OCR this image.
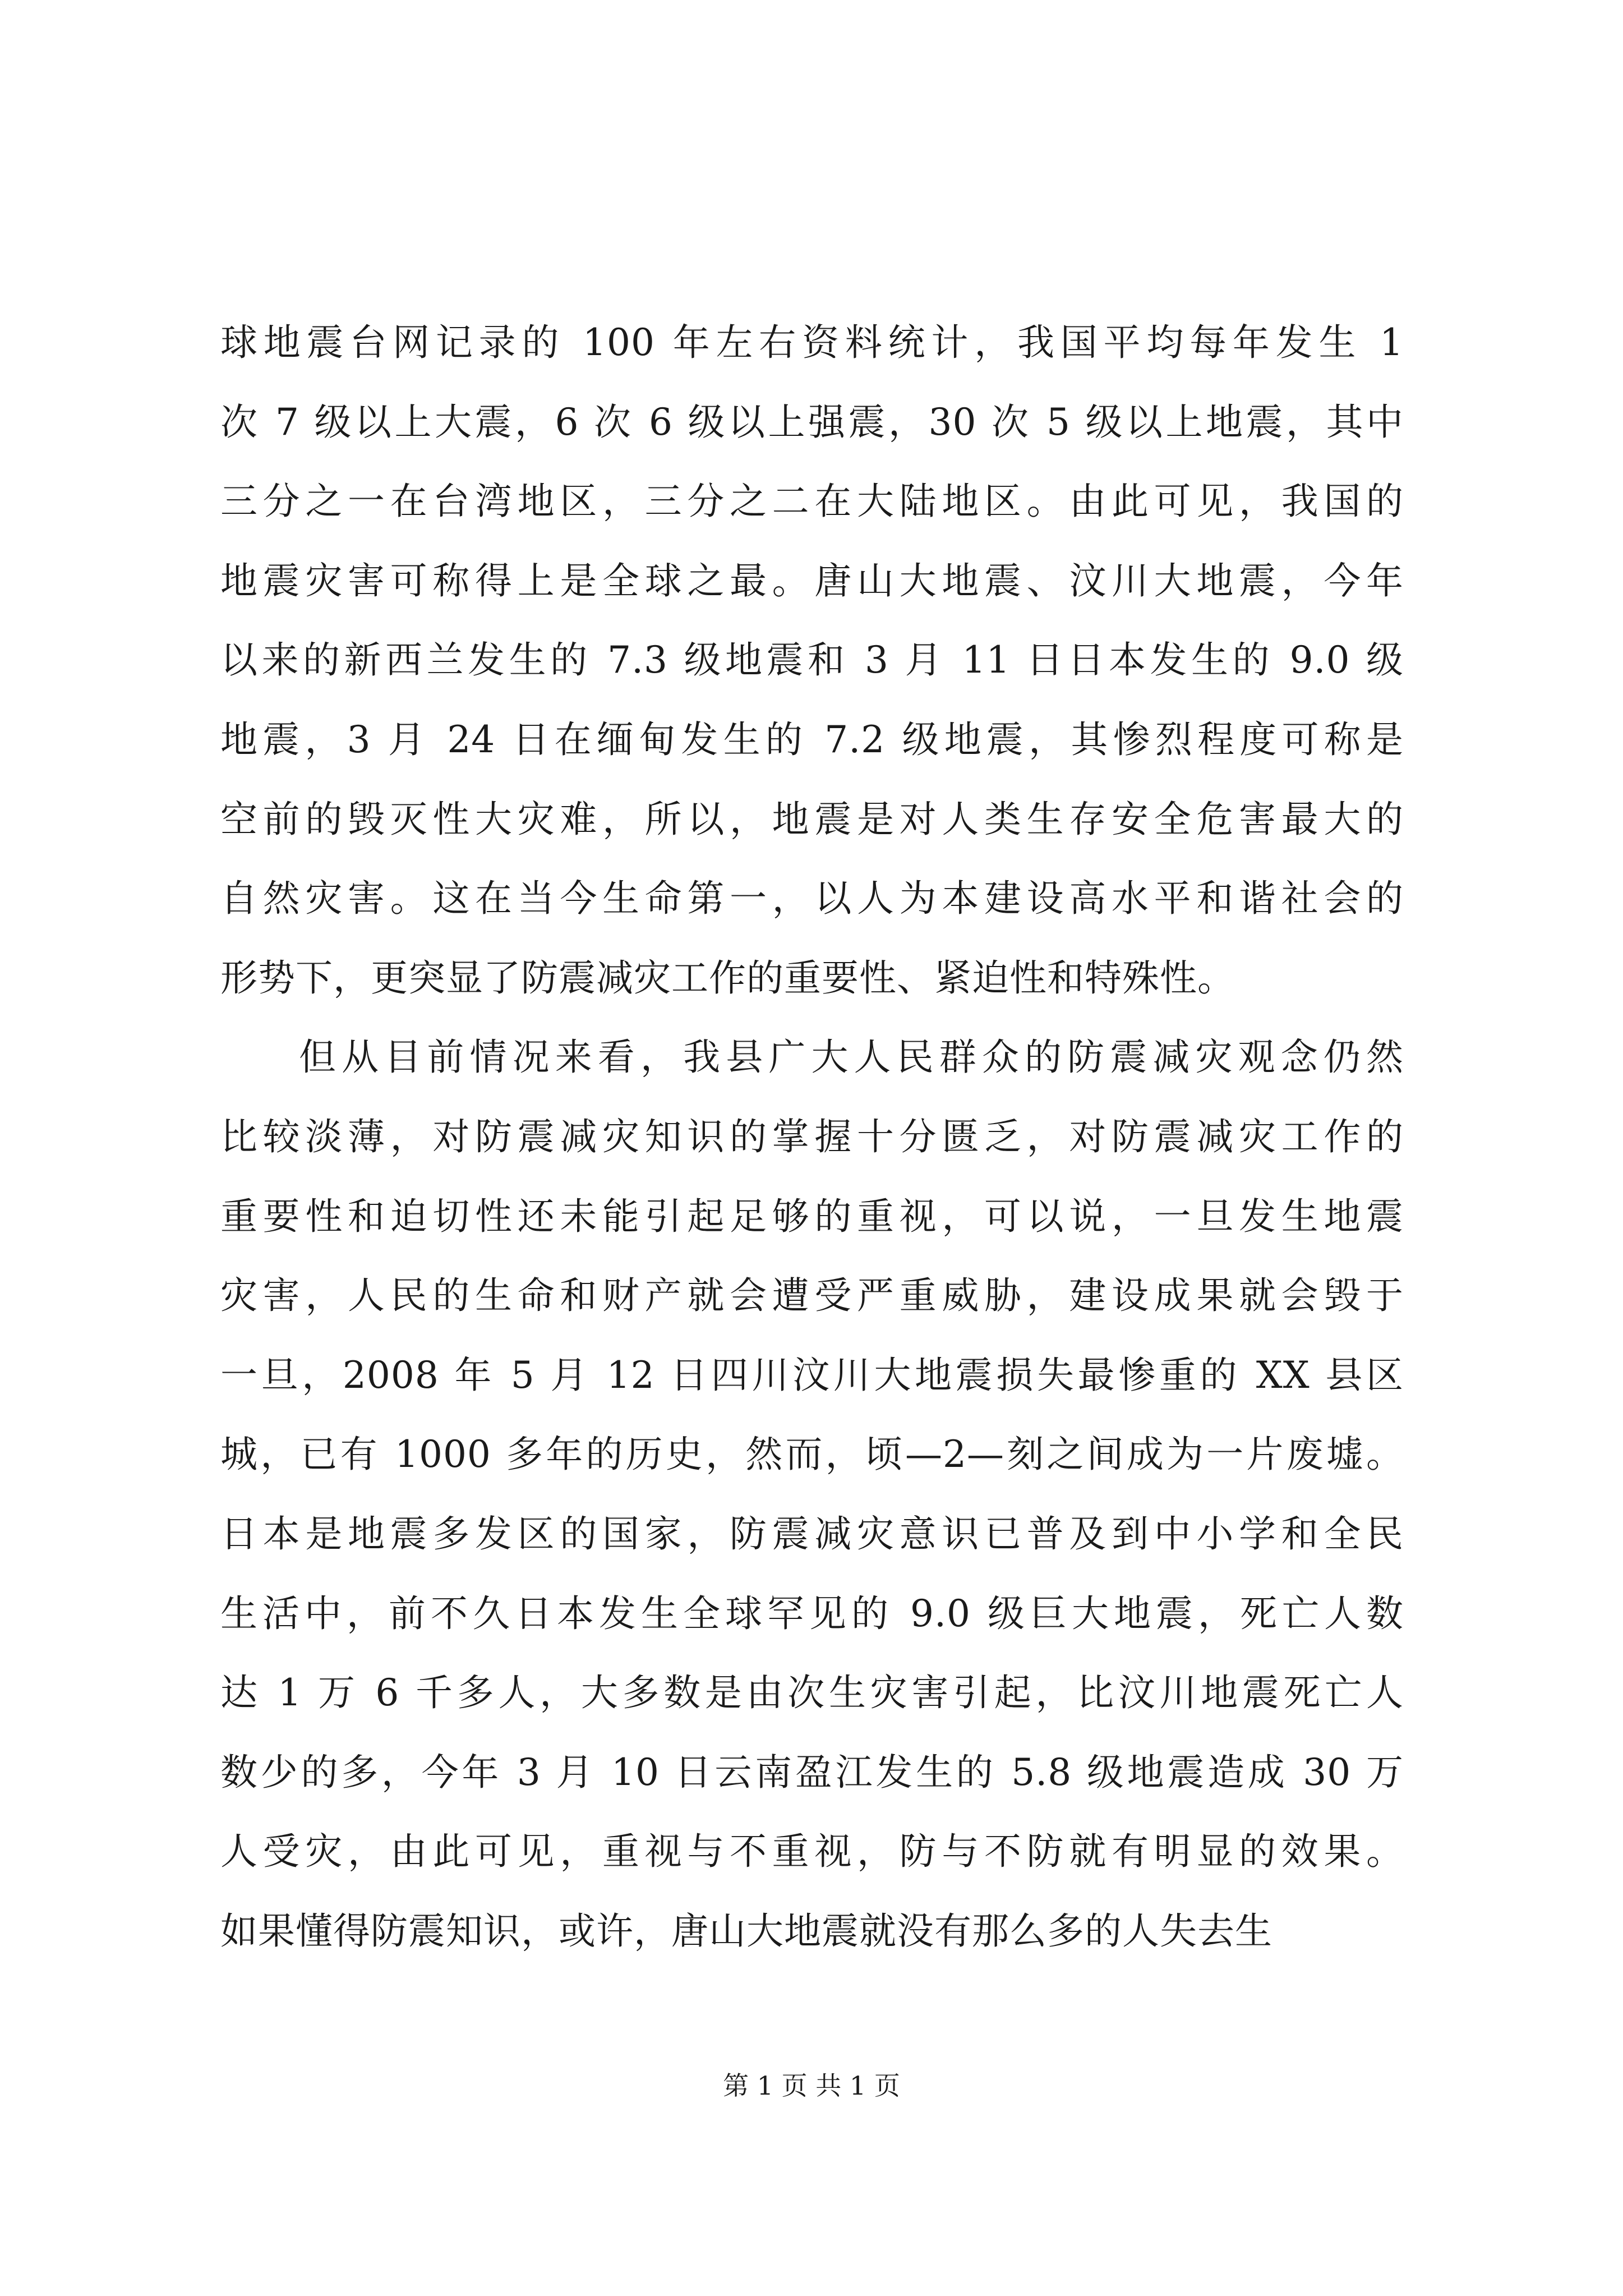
球地震台网记录的 100 年左右资料统计，我国平均每年发生 1
次 7 级以上大震，6 次 6 级以上强震，30 次 5 级以上地震，其中
三分之一在台湾地区，三分之二在大陆地区。由此可见，我国的
地震灾害可称得上是全球之最。唐山大地震、汶川大地震，今年
以来的新西兰发生的 7.3 级地震和 3 月 11 日日本发生的 9.0 级
地震，3 月 24 日在缅甸发生的 7.2 级地震，其惨烈程度可称是
空前的毁灭性大灾难，所以，地震是对人类生存安全危害最大的
自然灾害。这在当今生命第一，以人为本建设高水平和谐社会的
形势下，更突显了防震减灾工作的重要性、紧迫性和特殊性。
但从目前情况来看，我县广大人民群众的防震减灾观念仍然
比较淡薄，对防震减灾知识的掌握十分匮乏，对防震减灾工作的
重要性和迫切性还未能引起足够的重视，可以说，一旦发生地震
灾害，人民的生命和财产就会遭受严重威胁，建设成果就会毁于
一旦，2008 年 5 月 12 日四川汶川大地震损失最惨重的 XX 县区
城，已有 1000 多年的历史，然而，顷—2—刻之间成为一片废墟。
日本是地震多发区的国家，防震减灾意识已普及到中小学和全民
生活中，前不久日本发生全球罕见的 9.0 级巨大地震，死亡人数
达 1 万 6 千多人，大多数是由次生灾害引起，比汶川地震死亡人
数少的多，今年 3 月 10 日云南盈江发生的 5.8 级地震造成 30 万
人受灾，由此可见，重视与不重视，防与不防就有明显的效果。
如果懂得防震知识，或许，唐山大地震就没有那么多的人失去生
第 1 页 共 1 页
